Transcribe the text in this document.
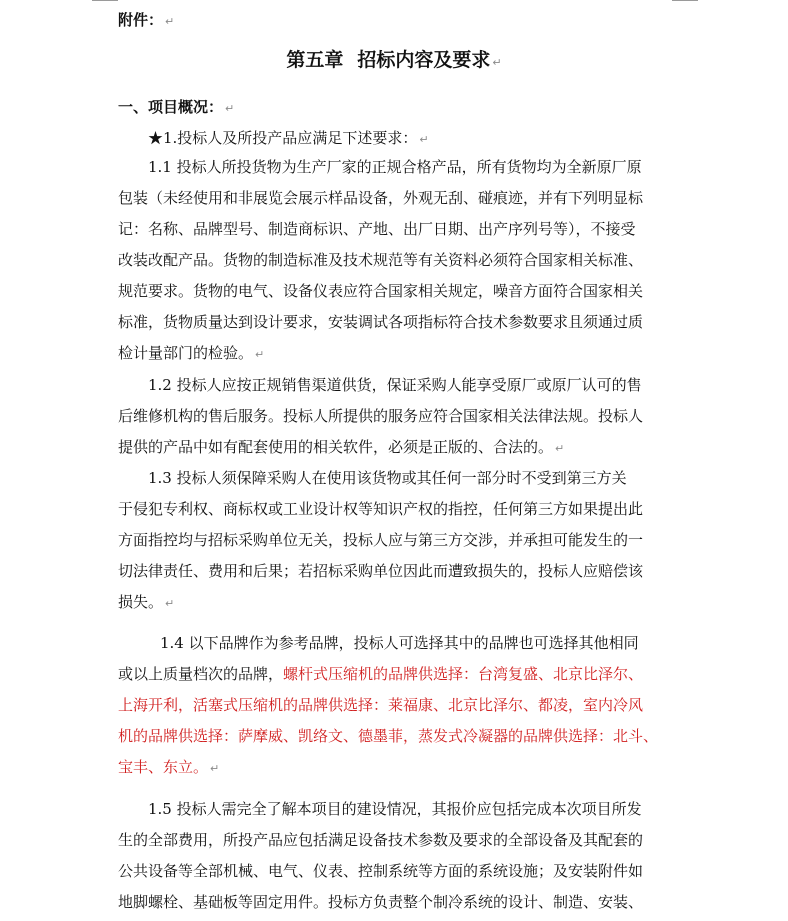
附件： ↵
第五章 招标内容及要求 ↵
一、项目概况： ↵
★1.投标人及所投产品应满足下述要求： ↵
1.1 投标人所投货物为生产厂家的正规合格产品，所有货物均为全新原厂原
包装（未经使用和非展览会展示样品设备，外观无刮、碰痕迹，并有下列明显标
记：名称、品牌型号、制造商标识、产地、出厂日期、出产序列号等），不接受
改装改配产品。货物的制造标准及技术规范等有关资料必须符合国家相关标准、
规范要求。货物的电气、设备仪表应符合国家相关规定，噪音方面符合国家相关
标准，货物质量达到设计要求，安装调试各项指标符合技术参数要求且须通过质
检计量部门的检验。 ↵
1.2 投标人应按正规销售渠道供货，保证采购人能享受原厂或原厂认可的售
后维修机构的售后服务。投标人所提供的服务应符合国家相关法律法规。投标人
提供的产品中如有配套使用的相关软件，必须是正版的、合法的。 ↵
1.3 投标人须保障采购人在使用该货物或其任何一部分时不受到第三方关
于侵犯专利权、商标权或工业设计权等知识产权的指控，任何第三方如果提出此
方面指控均与招标采购单位无关，投标人应与第三方交涉，并承担可能发生的一
切法律责任、费用和后果；若招标采购单位因此而遭致损失的，投标人应赔偿该
损失。 ↵
1.4 以下品牌作为参考品牌，投标人可选择其中的品牌也可选择其他相同
或以上质量档次的品牌，螺杆式压缩机的品牌供选择：台湾复盛、北京比泽尔、
上海开利，活塞式压缩机的品牌供选择：莱福康、北京比泽尔、都凌，室内冷风
机的品牌供选择：萨摩威、凯络文、德墨菲，蒸发式冷凝器的品牌供选择：北斗、
宝丰、东立。 ↵
1.5 投标人需完全了解本项目的建设情况，其报价应包括完成本次项目所发
生的全部费用，所投产品应包括满足设备技术参数及要求的全部设备及其配套的
公共设备等全部机械、电气、仪表、控制系统等方面的系统设施；及安装附件如
地脚螺栓、基础板等固定用件。投标方负责整个制冷系统的设计、制造、安装、
